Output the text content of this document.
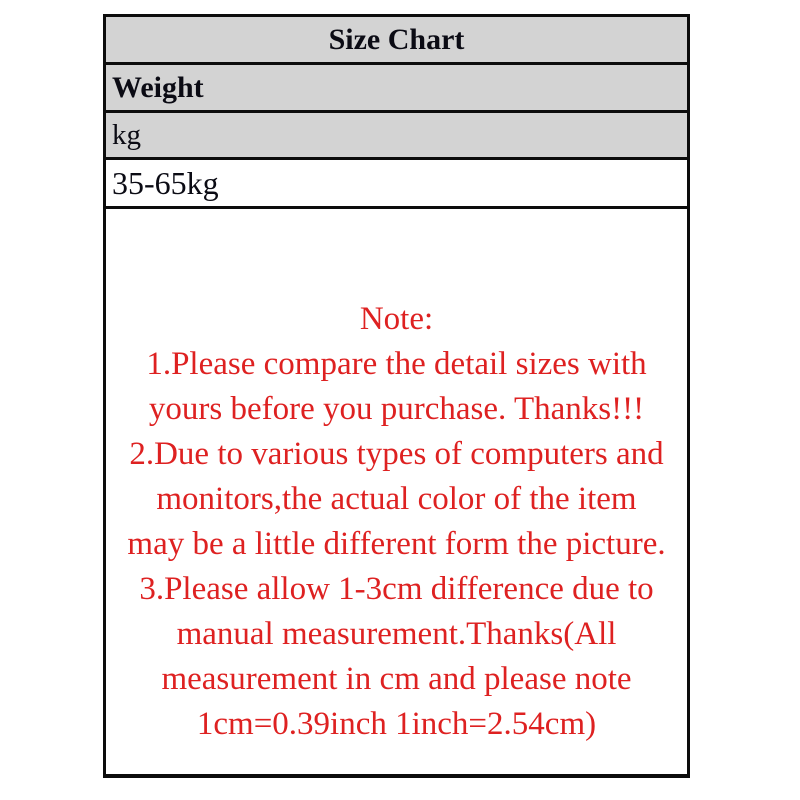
Size Chart
Weight
kg
35-65kg
Note:
1.Please compare the detail sizes with
yours before you purchase. Thanks!!!
2.Due to various types of computers and
monitors,the actual color of the item
may be a little different form the picture.
3.Please allow 1-3cm difference due to
manual measurement.Thanks(All
measurement in cm and please note
1cm=0.39inch 1inch=2.54cm)
